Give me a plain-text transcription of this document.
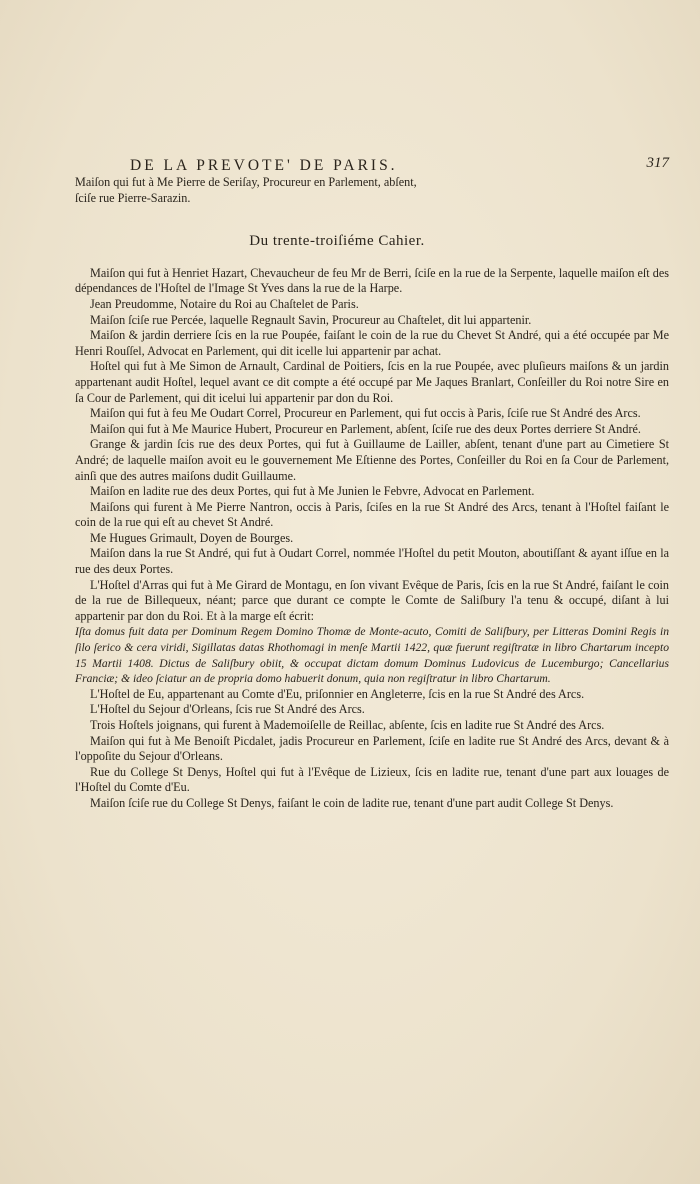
DE LA PREVOTE' DE PARIS.	317

Maiſon qui fut à Me Pierre de Seriſay, Procureur en Parlement, abſent,

ſciſe rue Pierre-Sarazin.

Du trente-troiſiéme Cahier.

Maiſon qui fut à Henriet Hazart, Chevaucheur de feu Mr de Berri, ſciſe en la rue de la Serpente, laquelle maiſon eſt des dépendances de l'Hoſtel de l'Image St Yves dans la rue de la Harpe.

Jean Preudomme, Notaire du Roi au Chaſtelet de Paris.

Maiſon ſciſe rue Percée, laquelle Regnault Savin, Procureur au Chaſtelet, dit lui appartenir.

Maiſon & jardin derriere ſcis en la rue Poupée, faiſant le coin de la rue du Chevet St André, qui a été occupée par Me Henri Rouſſel, Advocat en Parlement, qui dit icelle lui appartenir par achat.

Hoſtel qui fut à Me Simon de Arnault, Cardinal de Poitiers, ſcis en la rue Poupée, avec pluſieurs maiſons & un jardin appartenant audit Hoſtel, lequel avant ce dit compte a été occupé par Me Jaques Branlart, Conſeiller du Roi notre Sire en ſa Cour de Parlement, qui dit icelui lui appartenir par don du Roi.

Maiſon qui fut à feu Me Oudart Correl, Procureur en Parlement, qui fut occis à Paris, ſciſe rue St André des Arcs.

Maiſon qui fut à Me Maurice Hubert, Procureur en Parlement, abſent, ſciſe rue des deux Portes derriere St André.

Grange & jardin ſcis rue des deux Portes, qui fut à Guillaume de Lailler, abſent, tenant d'une part au Cimetiere St André; de laquelle maiſon avoit eu le gouvernement Me Eſtienne des Portes, Conſeiller du Roi en ſa Cour de Parlement, ainſi que des autres maiſons dudit Guillaume.

Maiſon en ladite rue des deux Portes, qui fut à Me Junien le Febvre, Advocat en Parlement.

Maiſons qui furent à Me Pierre Nantron, occis à Paris, ſciſes en la rue St André des Arcs, tenant à l'Hoſtel faiſant le coin de la rue qui eſt au chevet St André.

Me Hugues Grimault, Doyen de Bourges.

Maiſon dans la rue St André, qui fut à Oudart Correl, nommée l'Hoſtel du petit Mouton, aboutiſſant & ayant iſſue en la rue des deux Portes.

L'Hoſtel d'Arras qui fut à Me Girard de Montagu, en ſon vivant Evêque de Paris, ſcis en la rue St André, faiſant le coin de la rue de Billequeux, néant; parce que durant ce compte le Comte de Saliſbury l'a tenu & occupé, diſant à lui appartenir par don du Roi. Et à la marge eſt écrit:

Iſta domus fuit data per Dominum Regem Domino Thomæ de Monte-acuto, Comiti de Saliſbury, per Litteras Domini Regis in ſilo ſerico & cera viridi, Sigillatas datas Rhothomagi in menſe Martii 1422, quæ fuerunt regiſtratæ in libro Chartarum incepto 15 Martii 1408. Dictus de Saliſbury obiit, & occupat dictam domum Dominus Ludovicus de Lucemburgo; Cancellarius Franciæ; & ideo ſciatur an de propria domo habuerit donum, quia non regiſtratur in libro Chartarum.

L'Hoſtel de Eu, appartenant au Comte d'Eu, priſonnier en Angleterre, ſcis en la rue St André des Arcs.

L'Hoſtel du Sejour d'Orleans, ſcis rue St André des Arcs.

Trois Hoſtels joignans, qui furent à Mademoiſelle de Reillac, abſente, ſcis en ladite rue St André des Arcs.

Maiſon qui fut à Me Benoiſt Picdalet, jadis Procureur en Parlement, ſciſe en ladite rue St André des Arcs, devant & à l'oppoſite du Sejour d'Orleans.

Rue du College St Denys, Hoſtel qui fut à l'Evêque de Lizieux, ſcis en ladite rue, tenant d'une part aux louages de l'Hoſtel du Comte d'Eu.

Maiſon ſciſe rue du College St Denys, faiſant le coin de ladite rue, tenant d'une part audit College St Denys.
